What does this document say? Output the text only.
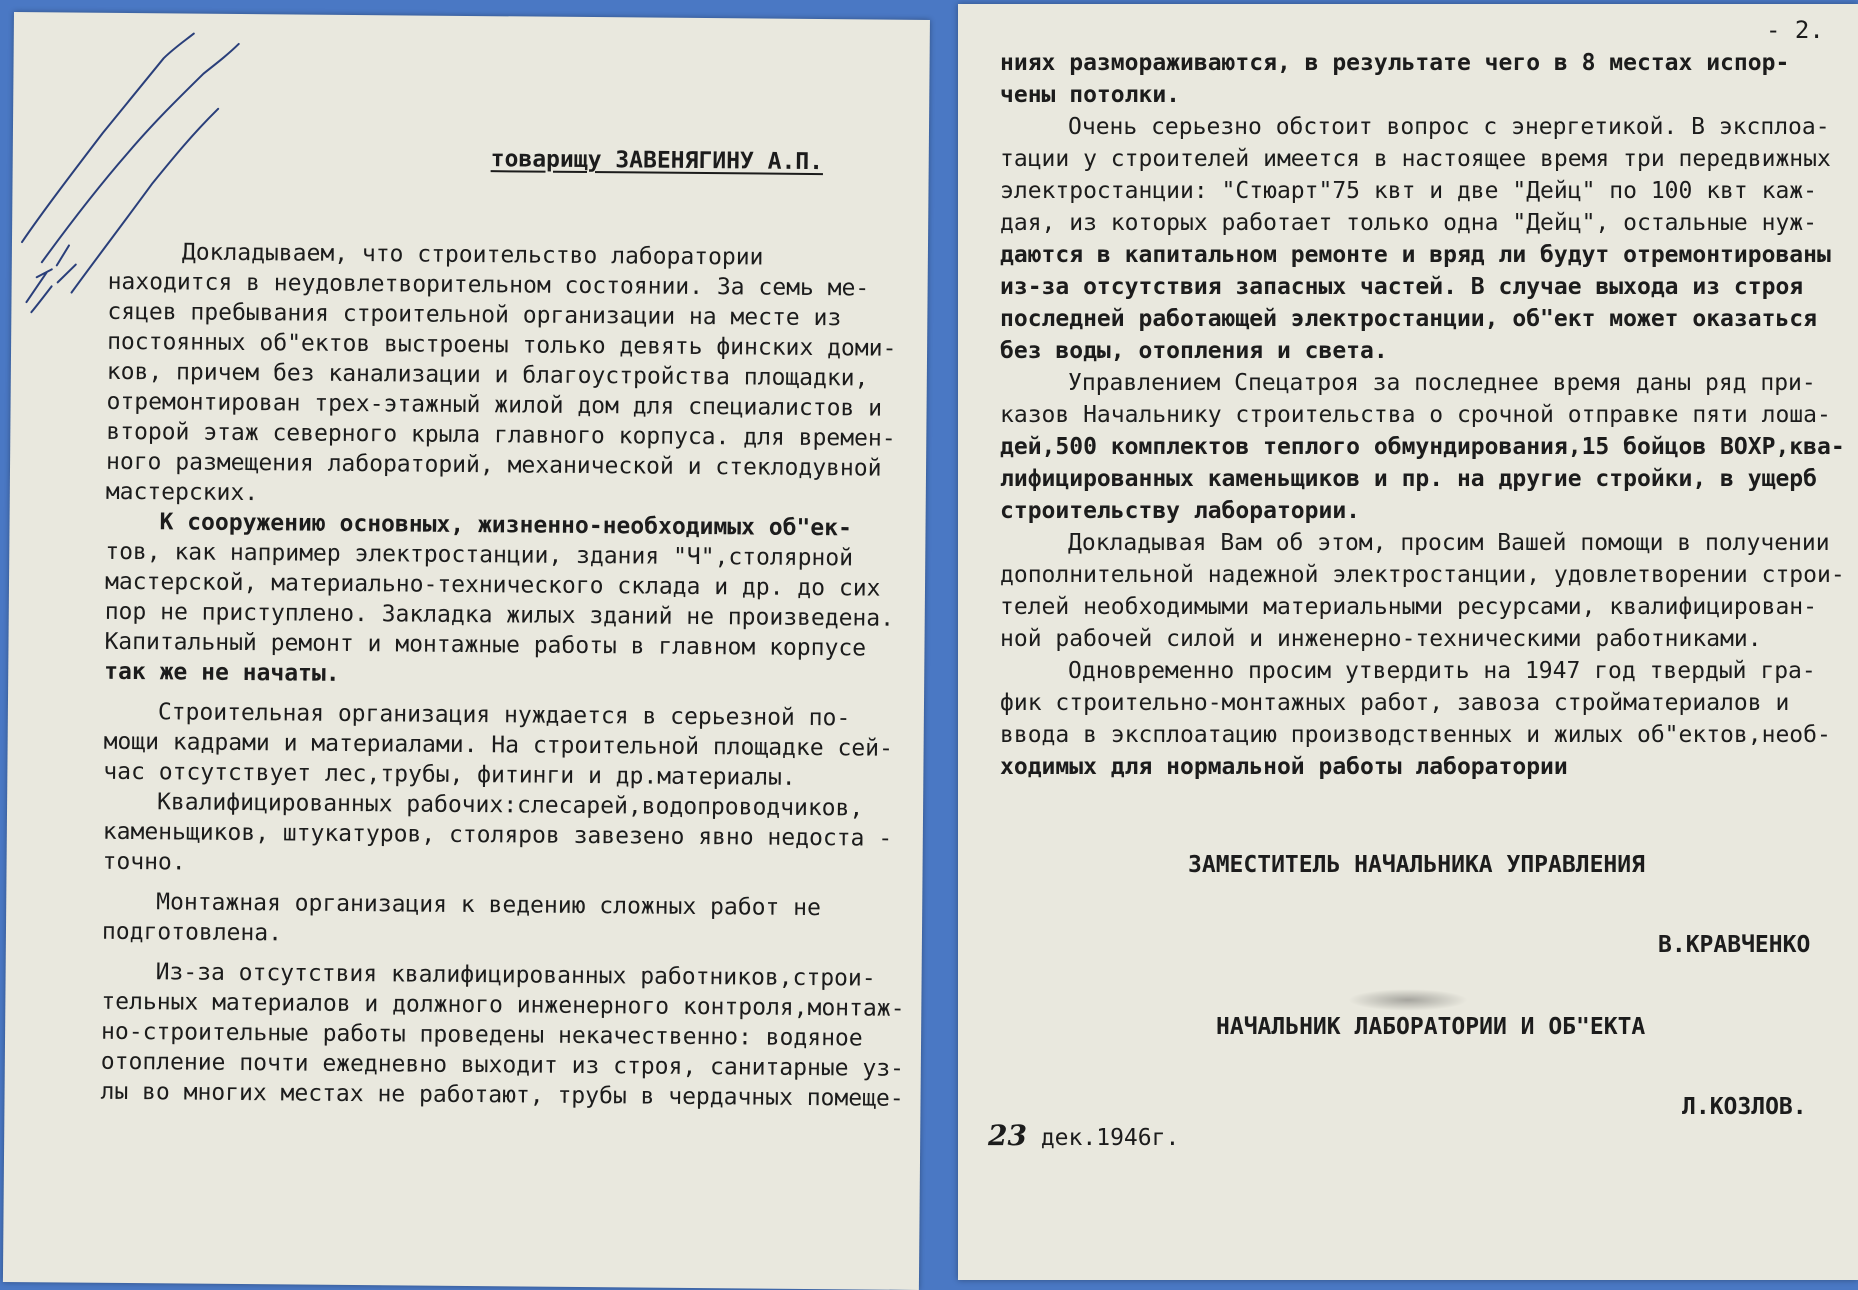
товарищу ЗАВЕНЯГИНУ А.П.
Докладываем, что строительство лаборатории
находится в неудовлетворительном состоянии. За семь ме-
сяцев пребывания строительной организации на месте из
постоянных об"ектов выстроены только девять финских доми-
ков, причем без канализации и благоустройства площадки,
отремонтирован трех-этажный жилой дом для специалистов и
второй этаж северного крыла главного корпуса. для времен-
ного размещения лабораторий, механической и стеклодувной
мастерских.
К сооружению основных, жизненно-необходимых об"ек-
тов, как например электростанции, здания "Ч",столярной
мастерской, материально-технического склада и др. до сих
пор не приступлено. Закладка жилых зданий не произведена.
Капитальный ремонт и монтажные работы в главном корпусе
так же не начаты.
Строительная организация нуждается в серьезной по-
мощи кадрами и материалами. На строительной площадке сей-
час отсутствует лес,трубы, фитинги и др.материалы.
Квалифицированных рабочих:слесарей,водопроводчиков,
каменьщиков, штукатуров, столяров завезено явно недоста -
точно.
Монтажная организация к ведению сложных работ не
подготовлена.
Из-за отсутствия квалифицированных работников,строи-
тельных материалов и должного инженерного контроля,монтаж-
но-строительные работы проведены некачественно: водяное
отопление почти ежедневно выходит из строя, санитарные уз-
лы во многих местах не работают, трубы в чердачных помеще-
- 2.
ниях размораживаются, в результате чего в 8 местах испор-
чены потолки.
Очень серьезно обстоит вопрос с энергетикой. В эксплоа-
тации у строителей имеется в настоящее время три передвижных
электростанции: "Стюарт"75 квт и две "Дейц" по 100 квт каж-
дая, из которых работает только одна "Дейц", остальные нуж-
даются в капитальном ремонте и вряд ли будут отремонтированы
из-за отсутствия запасных частей. В случае выхода из строя
последней работающей электростанции, об"ект может оказаться
без воды, отопления и света.
Управлением Спецатроя за последнее время даны ряд при-
казов Начальнику строительства о срочной отправке пяти лоша-
дей,500 комплектов теплого обмундирования,15 бойцов ВОХР,ква-
лифицированных каменьщиков и пр. на другие стройки, в ущерб
строительству лаборатории.
Докладывая Вам об этом, просим Вашей помощи в получении
дополнительной надежной электростанции, удовлетворении строи-
телей необходимыми материальными ресурсами, квалифицирован-
ной рабочей силой и инженерно-техническими работниками.
Одновременно просим утвердить на 1947 год твердый гра-
фик строительно-монтажных работ, завоза стройматериалов и
ввода в эксплоатацию производственных и жилых об"ектов,необ-
ходимых для нормальной работы лаборатории
ЗАМЕСТИТЕЛЬ НАЧАЛЬНИКА УПРАВЛЕНИЯ
В.КРАВЧЕНКО
НАЧАЛЬНИК ЛАБОРАТОРИИ И ОБ"ЕКТА
Л.КОЗЛОВ.
23 дек.1946г.
